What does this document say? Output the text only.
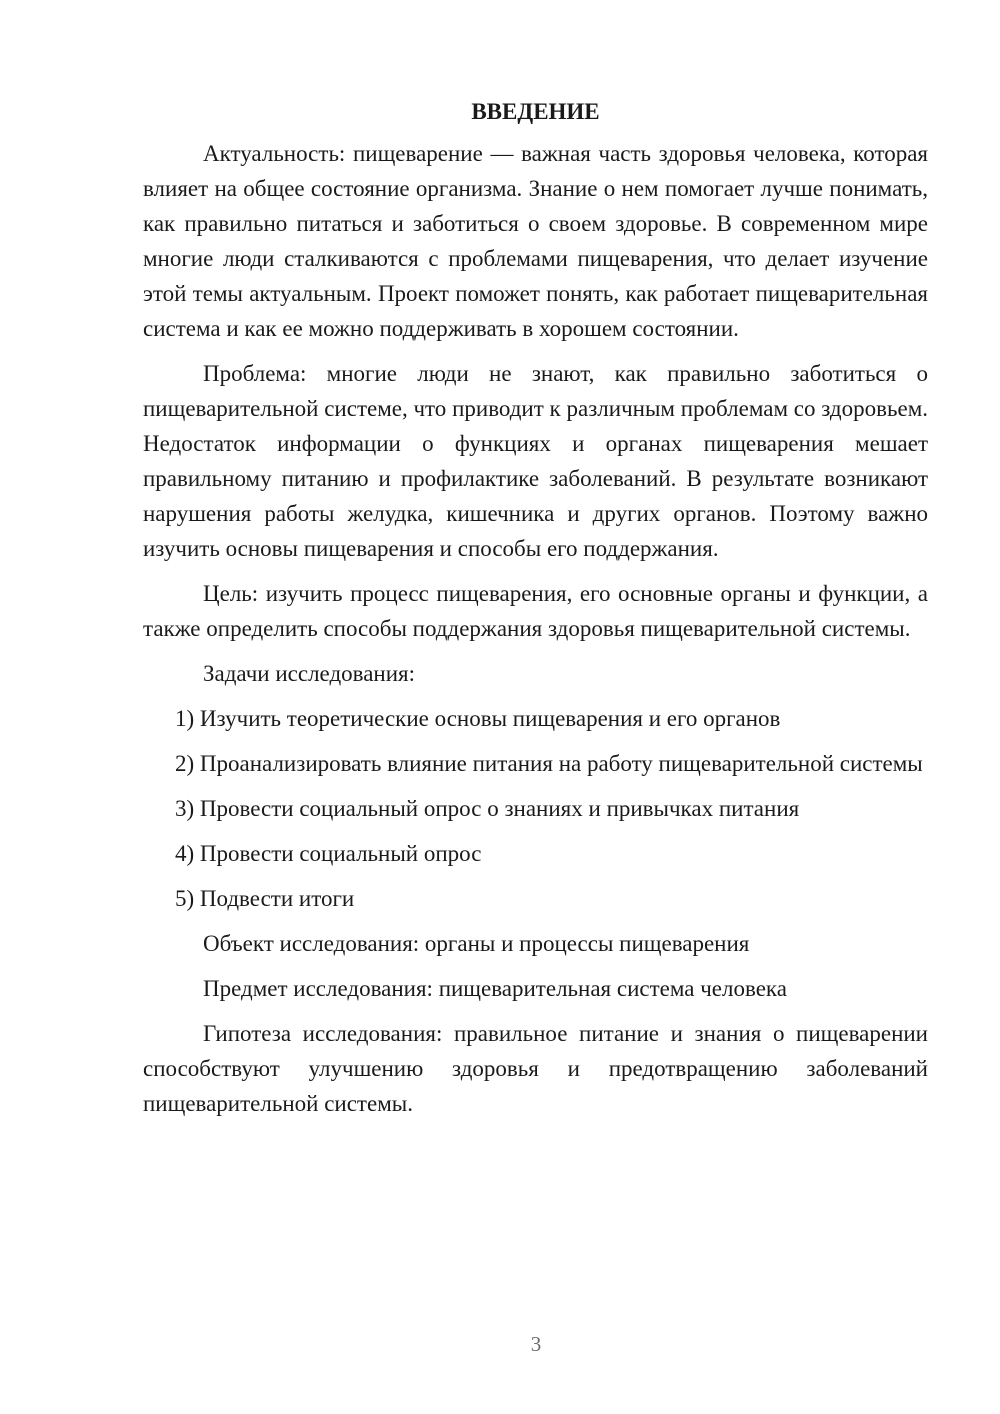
ВВЕДЕНИЕ

Актуальность: пищеварение — важная часть здоровья человека, которая влияет на общее состояние организма. Знание о нем помогает лучше понимать, как правильно питаться и заботиться о своем здоровье. В современном мире многие люди сталкиваются с проблемами пищеварения, что делает изучение этой темы актуальным. Проект поможет понять, как работает пищеварительная система и как ее можно поддерживать в хорошем состоянии.

Проблема: многие люди не знают, как правильно заботиться о пищеварительной системе, что приводит к различным проблемам со здоровьем. Недостаток информации о функциях и органах пищеварения мешает правильному питанию и профилактике заболеваний. В результате возникают нарушения работы желудка, кишечника и других органов. Поэтому важно изучить основы пищеварения и способы его поддержания.

Цель: изучить процесс пищеварения, его основные органы и функции, а также определить способы поддержания здоровья пищеварительной системы.

Задачи исследования:

1) Изучить теоретические основы пищеварения и его органов

2) Проанализировать влияние питания на работу пищеварительной системы

3) Провести социальный опрос о знаниях и привычках питания

4) Провести социальный опрос

5) Подвести итоги

Объект исследования: органы и процессы пищеварения

Предмет исследования: пищеварительная система человека

Гипотеза исследования: правильное питание и знания о пищеварении способствуют улучшению здоровья и предотвращению заболеваний пищеварительной системы.

3
